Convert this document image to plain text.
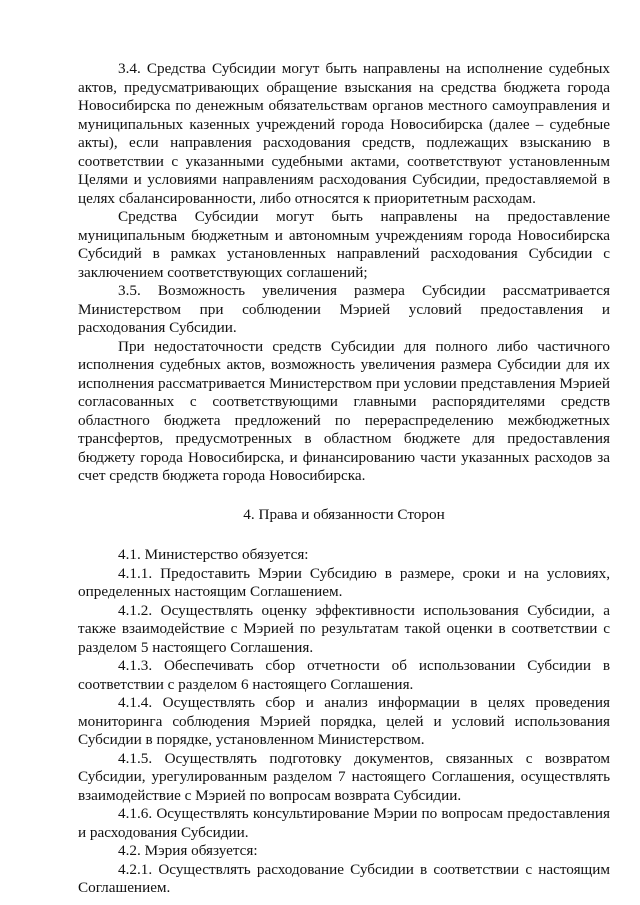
3.4. Средства Субсидии могут быть направлены на исполнение судебных актов, предусматривающих обращение взыскания на средства бюджета города Новосибирска по денежным обязательствам органов местного самоуправления и муниципальных казенных учреждений города Новосибирска (далее – судебные акты), если направления расходования средств, подлежащих взысканию в соответствии с указанными судебными актами, соответствуют установленным Целями и условиями направлениям расходования Субсидии, предоставляемой в целях сбалансированности, либо относятся к приоритетным расходам.

Средства Субсидии могут быть направлены на предоставление муниципальным бюджетным и автономным учреждениям города Новосибирска Субсидий в рамках установленных направлений расходования Субсидии с заключением соответствующих соглашений;

3.5. Возможность увеличения размера Субсидии рассматривается Министерством при соблюдении Мэрией условий предоставления и расходования Субсидии.

При недостаточности средств Субсидии для полного либо частичного исполнения судебных актов, возможность увеличения размера Субсидии для их исполнения рассматривается Министерством при условии представления Мэрией согласованных с соответствующими главными распорядителями средств областного бюджета предложений по перераспределению межбюджетных трансфертов, предусмотренных в областном бюджете для предоставления бюджету города Новосибирска, и финансированию части указанных расходов за счет средств бюджета города Новосибирска.

4. Права и обязанности Сторон

4.1. Министерство обязуется:

4.1.1. Предоставить Мэрии Субсидию в размере, сроки и на условиях, определенных настоящим Соглашением.

4.1.2. Осуществлять оценку эффективности использования Субсидии, а также взаимодействие с Мэрией по результатам такой оценки в соответствии с разделом 5 настоящего Соглашения.

4.1.3. Обеспечивать сбор отчетности об использовании Субсидии в соответствии с разделом 6 настоящего Соглашения.

4.1.4. Осуществлять сбор и анализ информации в целях проведения мониторинга соблюдения Мэрией порядка, целей и условий использования Субсидии в порядке, установленном Министерством.

4.1.5. Осуществлять подготовку документов, связанных с возвратом Субсидии, урегулированным разделом 7 настоящего Соглашения, осуществлять взаимодействие с Мэрией по вопросам возврата Субсидии.

4.1.6. Осуществлять консультирование Мэрии по вопросам предоставления и расходования Субсидии.

4.2. Мэрия обязуется:

4.2.1. Осуществлять расходование Субсидии в соответствии с настоящим Соглашением.
